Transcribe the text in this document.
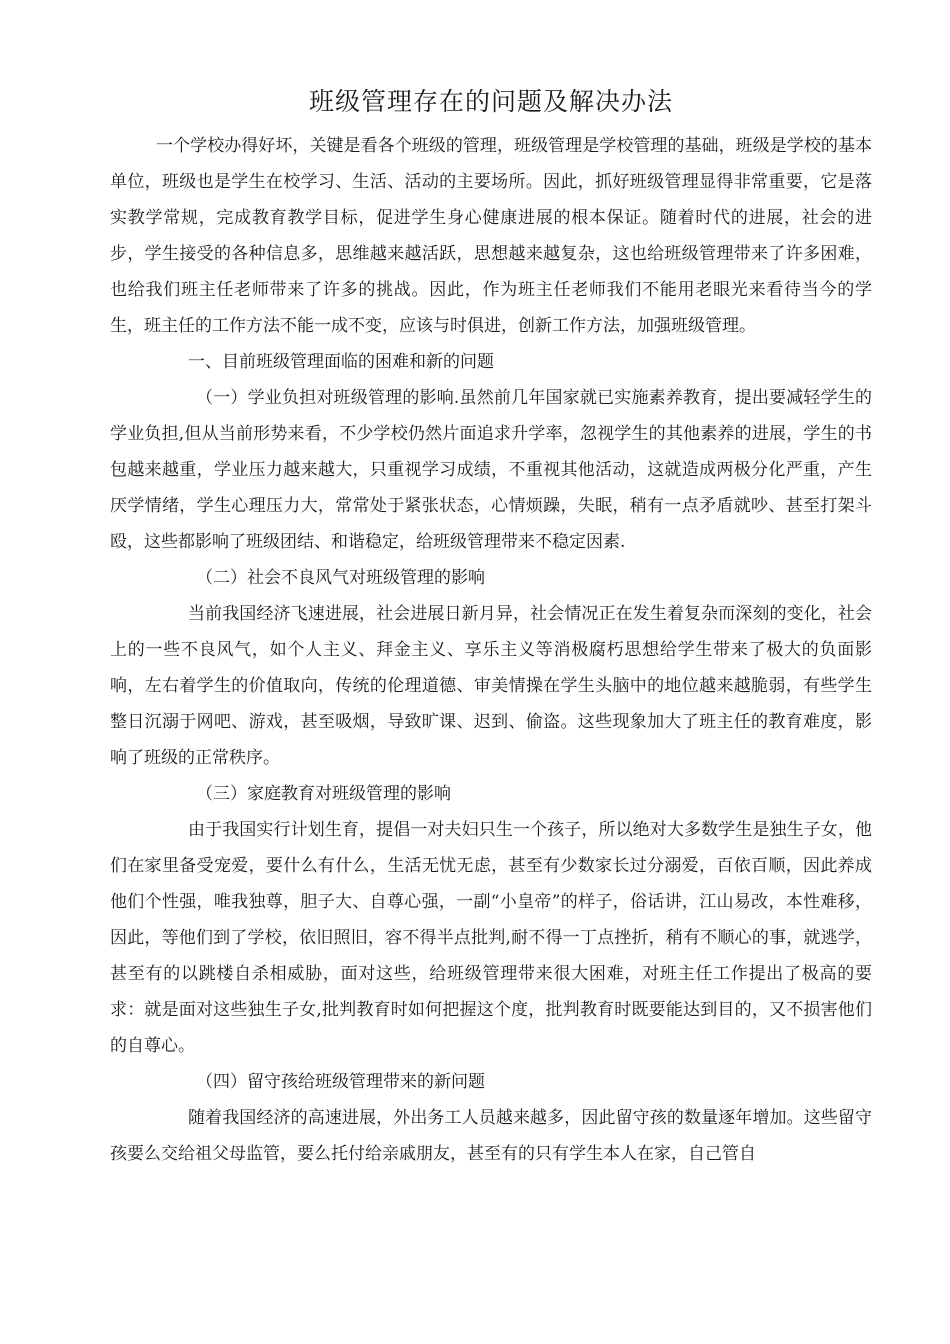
班级管理存在的问题及解决办法

一个学校办得好坏，关键是看各个班级的管理，班级管理是学校管理的基础，班级是学校的基本单位，班级也是学生在校学习、生活、活动的主要场所。因此，抓好班级管理显得非常重要，它是落实教学常规，完成教育教学目标，促进学生身心健康进展的根本保证。随着时代的进展，社会的进步，学生接受的各种信息多，思维越来越活跃，思想越来越复杂，这也给班级管理带来了许多困难，也给我们班主任老师带来了许多的挑战。因此，作为班主任老师我们不能用老眼光来看待当今的学生，班主任的工作方法不能一成不变，应该与时俱进，创新工作方法，加强班级管理。

一、目前班级管理面临的困难和新的问题

（一）学业负担对班级管理的影响.虽然前几年国家就已实施素养教育，提出要减轻学生的学业负担,但从当前形势来看，不少学校仍然片面追求升学率，忽视学生的其他素养的进展，学生的书包越来越重，学业压力越来越大，只重视学习成绩，不重视其他活动，这就造成两极分化严重，产生厌学情绪，学生心理压力大，常常处于紧张状态，心情烦躁，失眠，稍有一点矛盾就吵、甚至打架斗殴，这些都影响了班级团结、和谐稳定，给班级管理带来不稳定因素.

（二）社会不良风气对班级管理的影响

当前我国经济飞速进展，社会进展日新月异，社会情况正在发生着复杂而深刻的变化，社会上的一些不良风气，如个人主义、拜金主义、享乐主义等消极腐朽思想给学生带来了极大的负面影响，左右着学生的价值取向，传统的伦理道德、审美情操在学生头脑中的地位越来越脆弱，有些学生整日沉溺于网吧、游戏，甚至吸烟，导致旷课、迟到、偷盗。这些现象加大了班主任的教育难度，影响了班级的正常秩序。

（三）家庭教育对班级管理的影响

由于我国实行计划生育，提倡一对夫妇只生一个孩子，所以绝对大多数学生是独生子女，他们在家里备受宠爱，要什么有什么，生活无忧无虑，甚至有少数家长过分溺爱，百依百顺，因此养成他们个性强，唯我独尊，胆子大、自尊心强，一副“小皇帝”的样子，俗话讲，江山易改，本性难移，因此，等他们到了学校，依旧照旧，容不得半点批判,耐不得一丁点挫折，稍有不顺心的事，就逃学，甚至有的以跳楼自杀相威胁，面对这些，给班级管理带来很大困难，对班主任工作提出了极高的要求：就是面对这些独生子女,批判教育时如何把握这个度，批判教育时既要能达到目的，又不损害他们的自尊心。

（四）留守孩给班级管理带来的新问题

随着我国经济的高速进展，外出务工人员越来越多，因此留守孩的数量逐年增加。这些留守孩要么交给祖父母监管，要么托付给亲戚朋友，甚至有的只有学生本人在家，自己管自
